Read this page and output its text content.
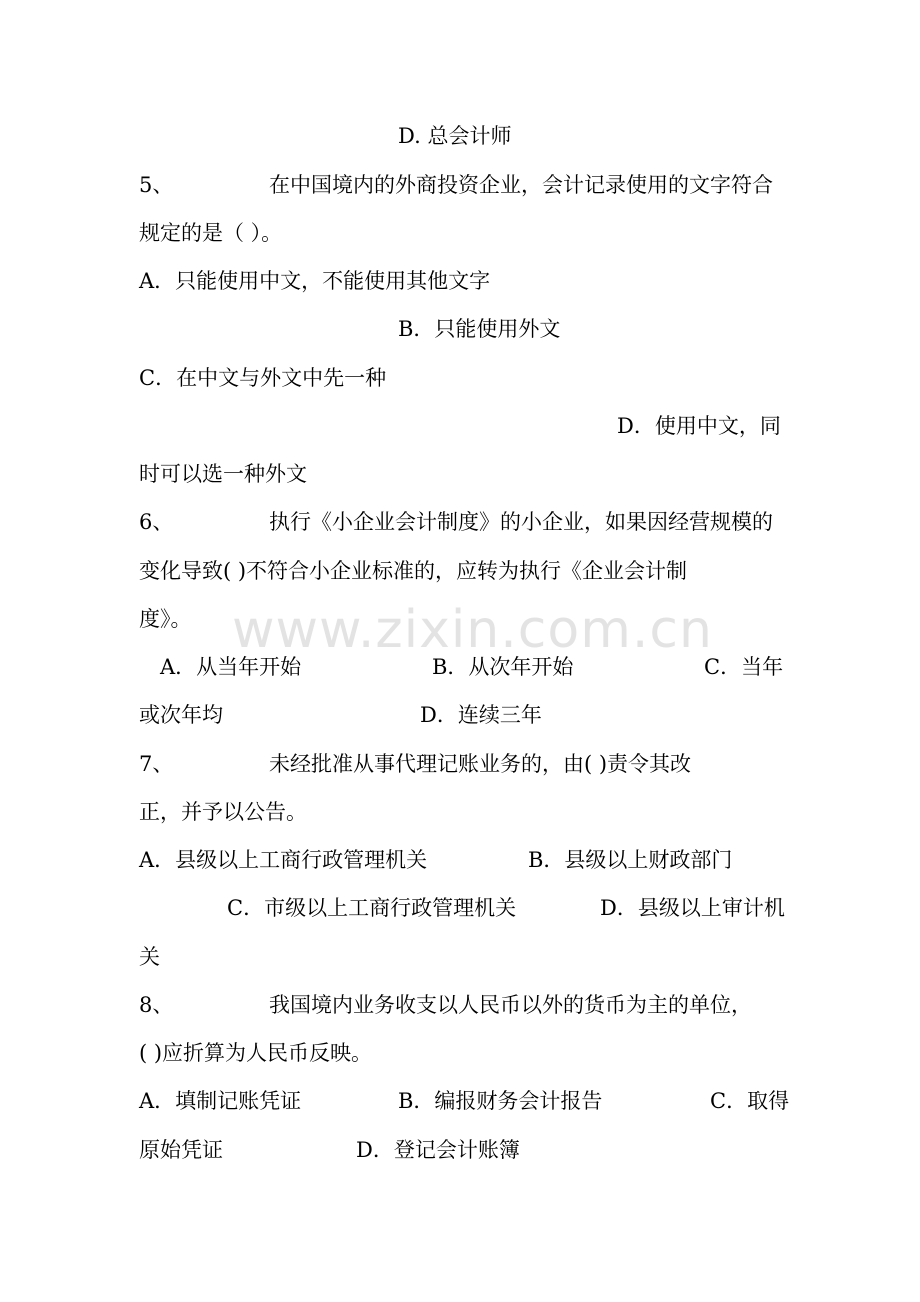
www.zixin.com.cn

D. 总会计师

5、	在中国境内的外商投资企业，会计记录使用的文字符合

规定的是（ ）。

A．只能使用中文，不能使用其他文字

B．只能使用外文

C．在中文与外文中先一种

D．使用中文，同

时可以选一种外文

6、	执行《小企业会计制度》的小企业，如果因经营规模的

变化导致( )不符合小企业标准的，应转为执行《企业会计制

度》。

A．从当年开始	B．从次年开始	C．当年

或次年均	D．连续三年

7、	未经批准从事代理记账业务的，由( )责令其改

正，并予以公告。

A．县级以上工商行政管理机关	B．县级以上财政部门

C．市级以上工商行政管理机关	D．县级以上审计机

关

8、	我国境内业务收支以人民币以外的货币为主的单位，

( )应折算为人民币反映。

A．填制记账凭证	B．编报财务会计报告	C．取得

原始凭证	D．登记会计账簿
